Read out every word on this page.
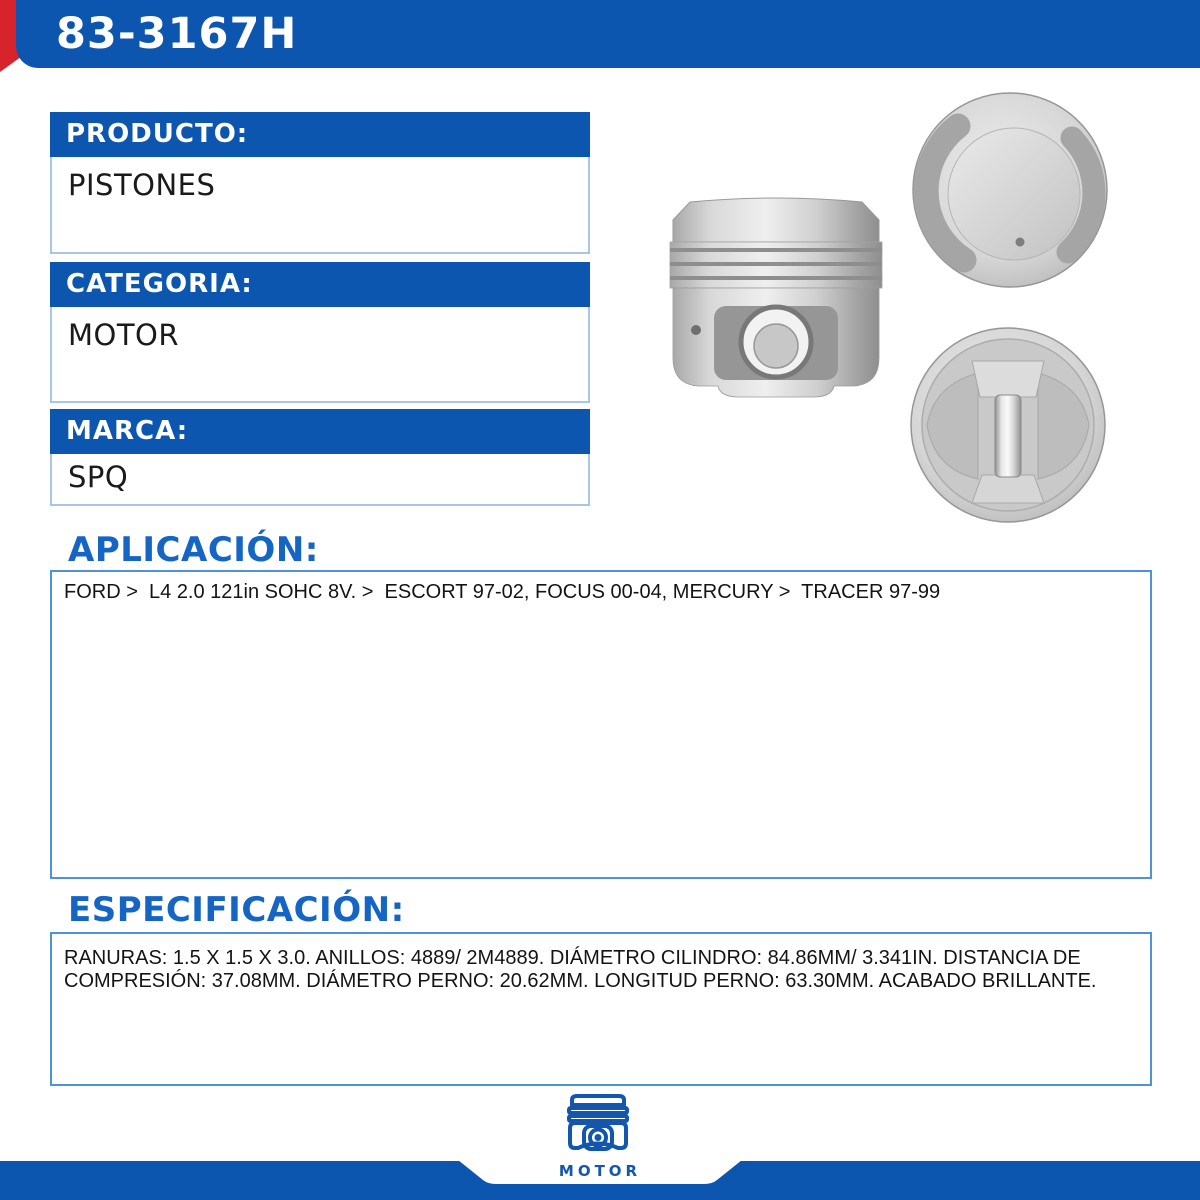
83-3167H
PRODUCTO:
PISTONES
CATEGORIA:
MOTOR
MARCA:
SPQ
APLICACIÓN:

FORD >  L4 2.0 121in SOHC 8V. >  ESCORT 97-02, FOCUS 00-04, MERCURY >  TRACER 97-99

ESPECIFICACIÓN:

RANURAS: 1.5 X 1.5 X 3.0. ANILLOS: 4889/ 2M4889. DIÁMETRO CILINDRO: 84.86MM/ 3.341IN. DISTANCIA DE COMPRESIÓN: 37.08MM. DIÁMETRO PERNO: 20.62MM. LONGITUD PERNO: 63.30MM. ACABADO BRILLANTE.

MOTOR
